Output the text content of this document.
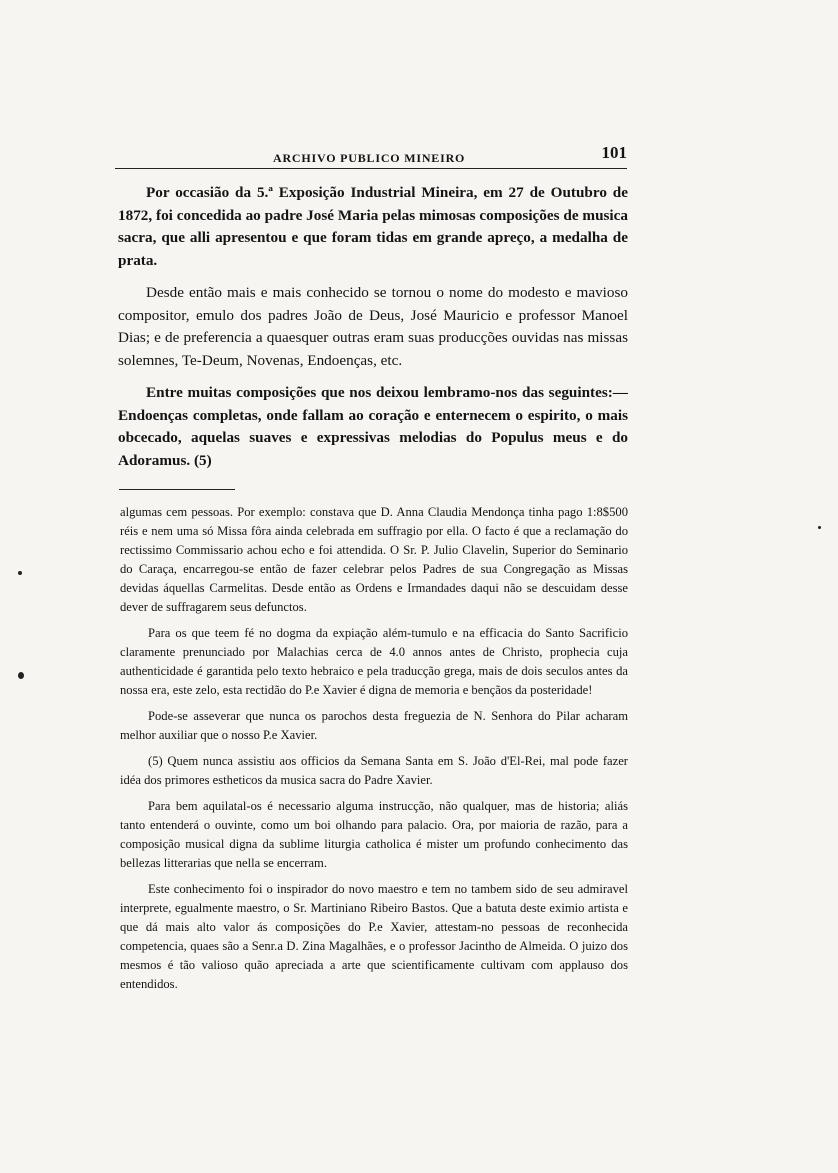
ARCHIVO PUBLICO MINEIRO	101

Por occasião da 5.ª Exposição Industrial Mineira, em 27 de Outubro de 1872, foi concedida ao padre José Maria pelas mimosas composições de musica sacra, que alli apresentou e que foram tidas em grande apreço, a medalha de prata.

Desde então mais e mais conhecido se tornou o nome do modesto e mavioso compositor, emulo dos padres João de Deus, José Mauricio e professor Manoel Dias; e de preferencia a quaesquer outras eram suas producções ouvidas nas missas solemnes, Te-Deum, Novenas, Endoenças, etc.

Entre muitas composições que nos deixou lembramo-nos das seguintes:—Endoenças completas, onde fallam ao coração e enternecem o espirito, o mais obcecado, aquelas suaves e expressivas melodias do Populus meus e do Adoramus. (5)

algumas cem pessoas. Por exemplo: constava que D. Anna Claudia Mendonça tinha pago 1:8$500 réis e nem uma só Missa fôra ainda celebrada em suffragio por ella. O facto é que a reclamação do rectissimo Commissario achou echo e foi attendida. O Sr. P. Julio Clavelin, Superior do Seminario do Caraça, encarregou-se então de fazer celebrar pelos Padres de sua Congregação as Missas devidas áquellas Carmelitas. Desde então as Ordens e Irmandades daqui não se descuidam desse dever de suffragarem seus defunctos.

Para os que teem fé no dogma da expiação além-tumulo e na efficacia do Santo Sacrificio claramente prenunciado por Malachias cerca de 4.0 annos antes de Christo, prophecia cuja authenticidade é garantida pelo texto hebraico e pela traducção grega, mais de dois seculos antes da nossa era, este zelo, esta rectidão do P.e Xavier é digna de memoria e bençãos da posteridade!

Pode-se asseverar que nunca os parochos desta freguezia de N. Senhora do Pilar acharam melhor auxiliar que o nosso P.e Xavier.

(5) Quem nunca assistiu aos officios da Semana Santa em S. João d'El-Rei, mal pode fazer idéa dos primores estheticos da musica sacra do Padre Xavier.

Para bem aquilatal-os é necessario alguma instrucção, não qualquer, mas de historia; aliás tanto entenderá o ouvinte, como um boi olhando para palacio. Ora, por maioria de razão, para a composição musical digna da sublime liturgia catholica é mister um profundo conhecimento das bellezas litterarias que nella se encerram.

Este conhecimento foi o inspirador do novo maestro e tem no tambem sido de seu admiravel interprete, egualmente maestro, o Sr. Martiniano Ribeiro Bastos. Que a batuta deste eximio artista e que dá mais alto valor ás composições do P.e Xavier, attestam-no pessoas de reconhecida competencia, quaes são a Senr.a D. Zina Magalhães, e o professor Jacintho de Almeida. O juizo dos mesmos é tão valioso quão apreciada a arte que scientificamente cultivam com applauso dos entendidos.
